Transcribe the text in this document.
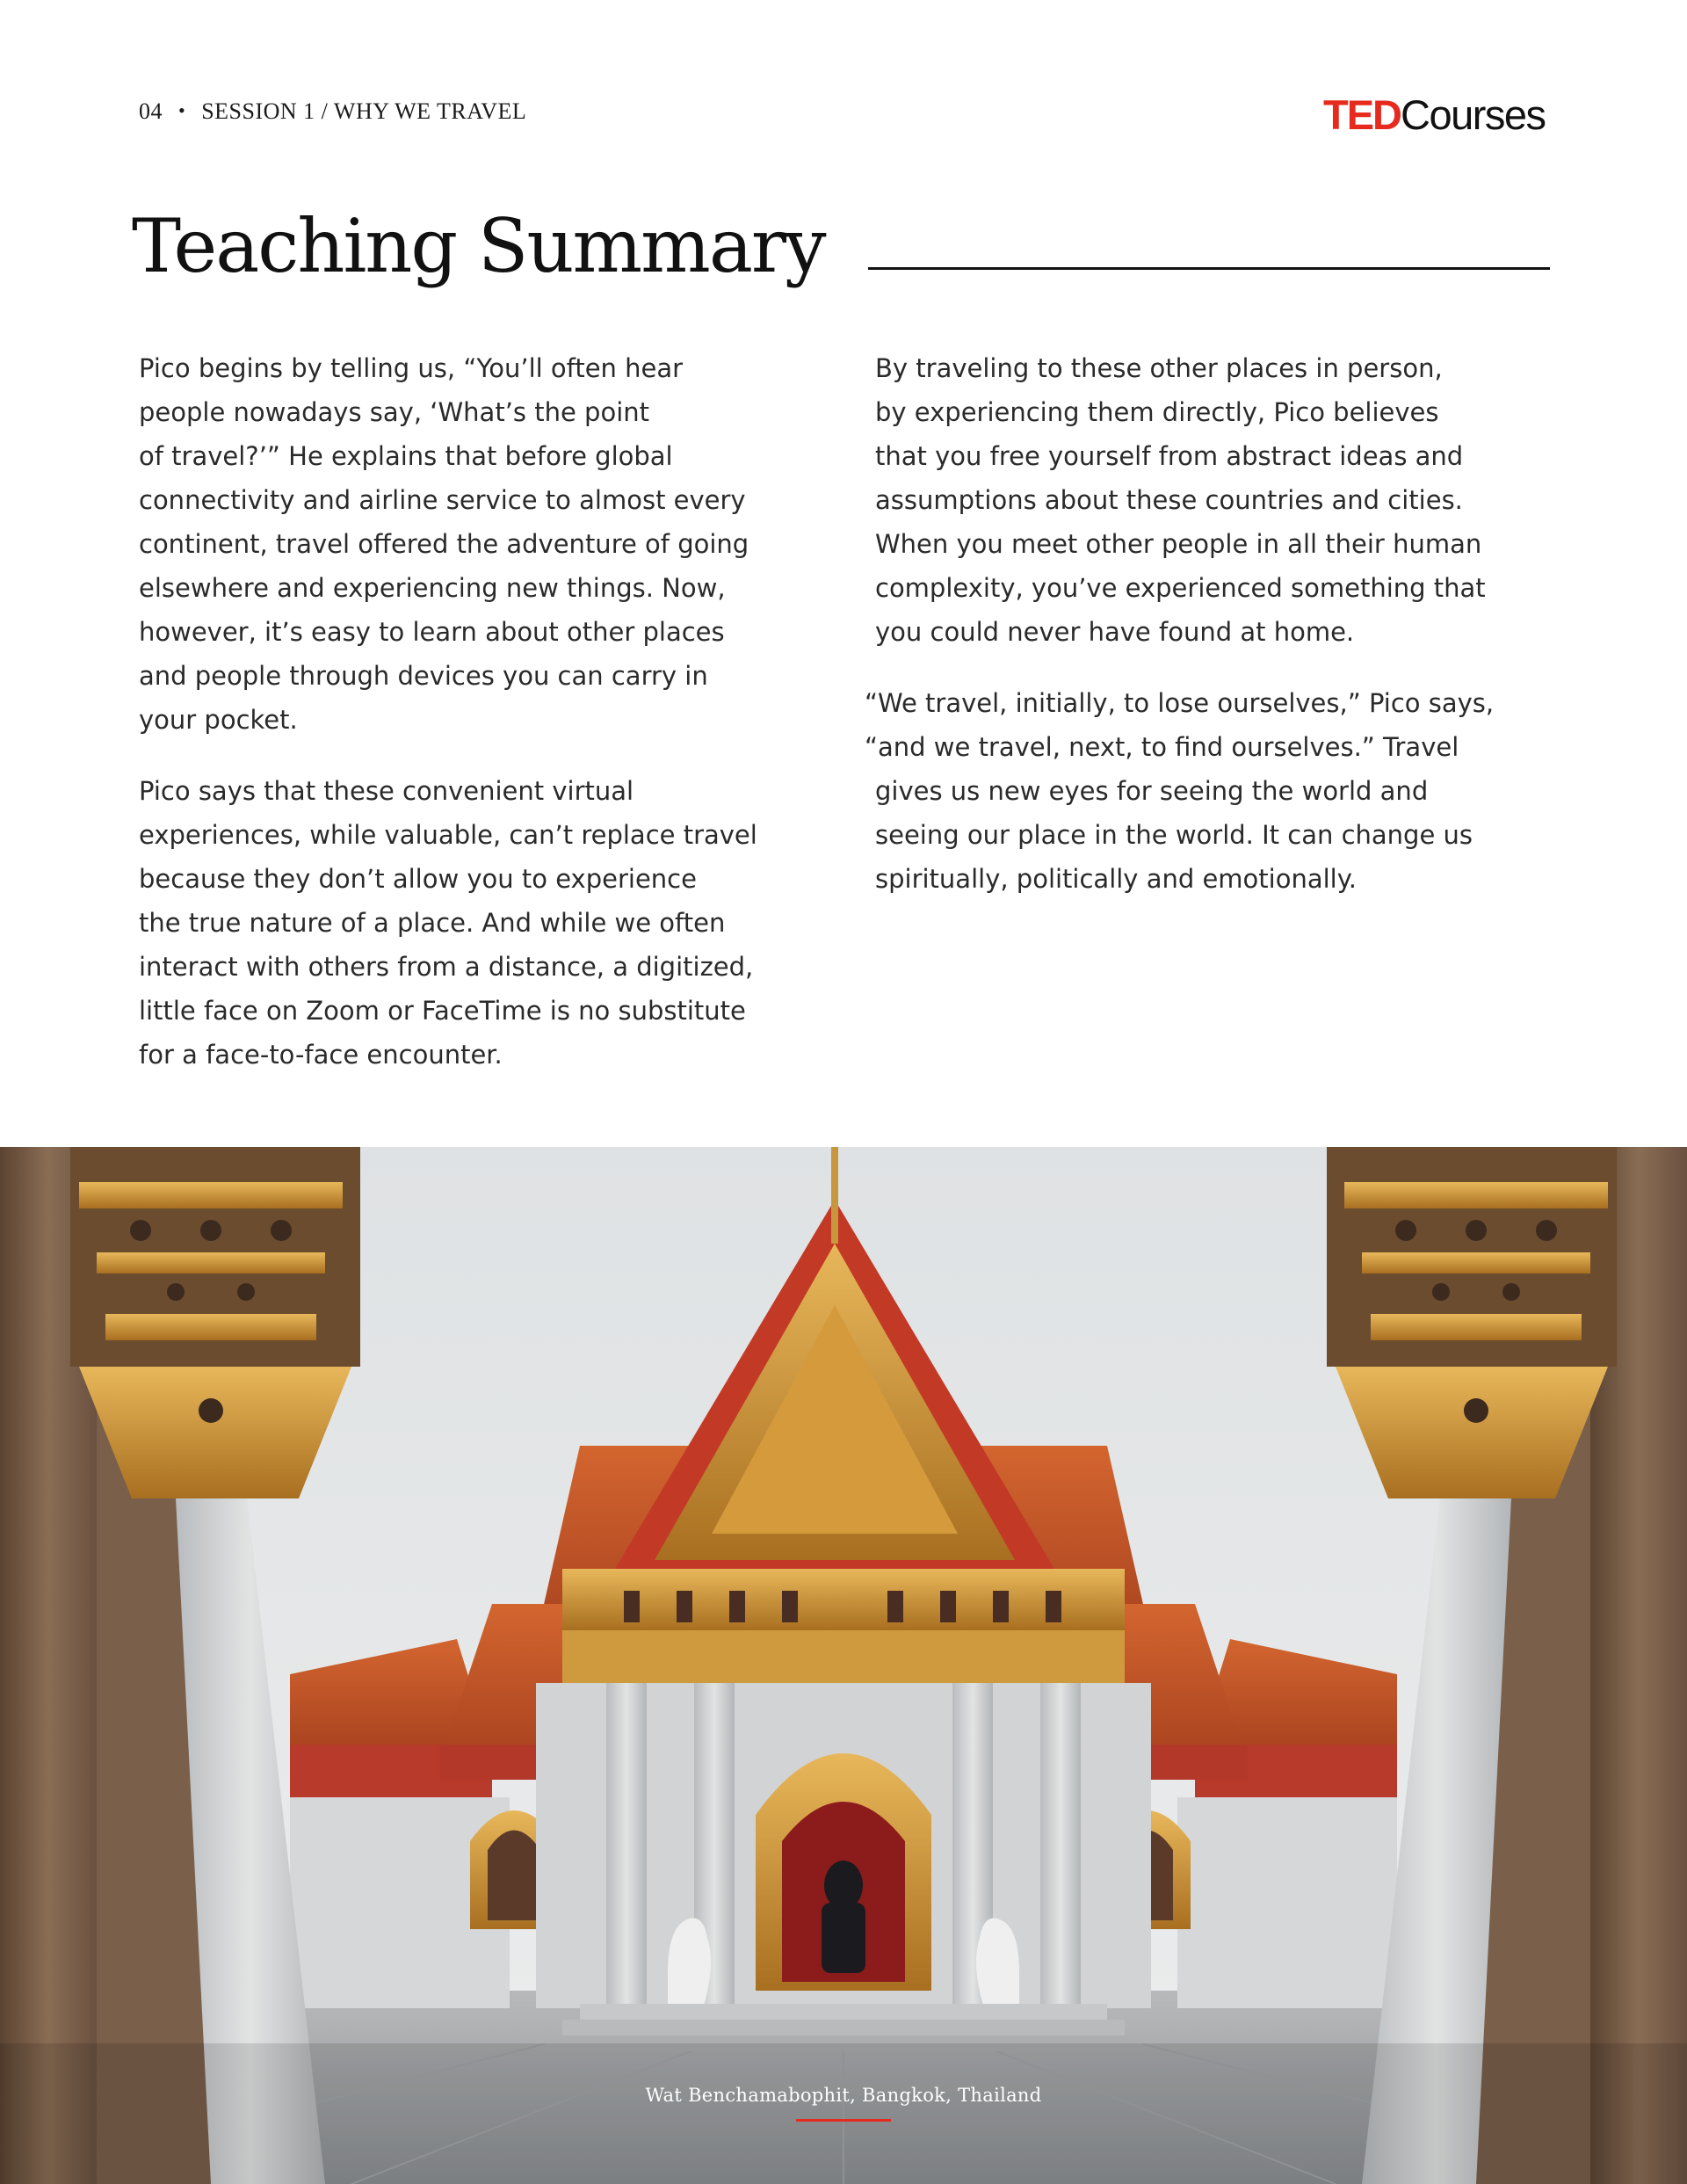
04 • SESSION 1 / WHY WE TRAVEL	TEDCourses
Teaching Summary

Pico begins by telling us, “You’ll often hear
people nowadays say, ‘What’s the point
of travel?’” He explains that before global
connectivity and airline service to almost every
continent, travel offered the adventure of going
elsewhere and experiencing new things. Now,
however, it’s easy to learn about other places
and people through devices you can carry in
your pocket.

Pico says that these convenient virtual
experiences, while valuable, can’t replace travel
because they don’t allow you to experience
the true nature of a place. And while we often
interact with others from a distance, a digitized,
little face on Zoom or FaceTime is no substitute
for a face-to-face encounter.

By traveling to these other places in person,
by experiencing them directly, Pico believes
that you free yourself from abstract ideas and
assumptions about these countries and cities.
When you meet other people in all their human
complexity, you’ve experienced something that
you could never have found at home.

“We travel, initially, to lose ourselves,” Pico says,
“and we travel, next, to find ourselves.” Travel
gives us new eyes for seeing the world and
seeing our place in the world. It can change us
spiritually, politically and emotionally.

Wat Benchamabophit, Bangkok, Thailand
